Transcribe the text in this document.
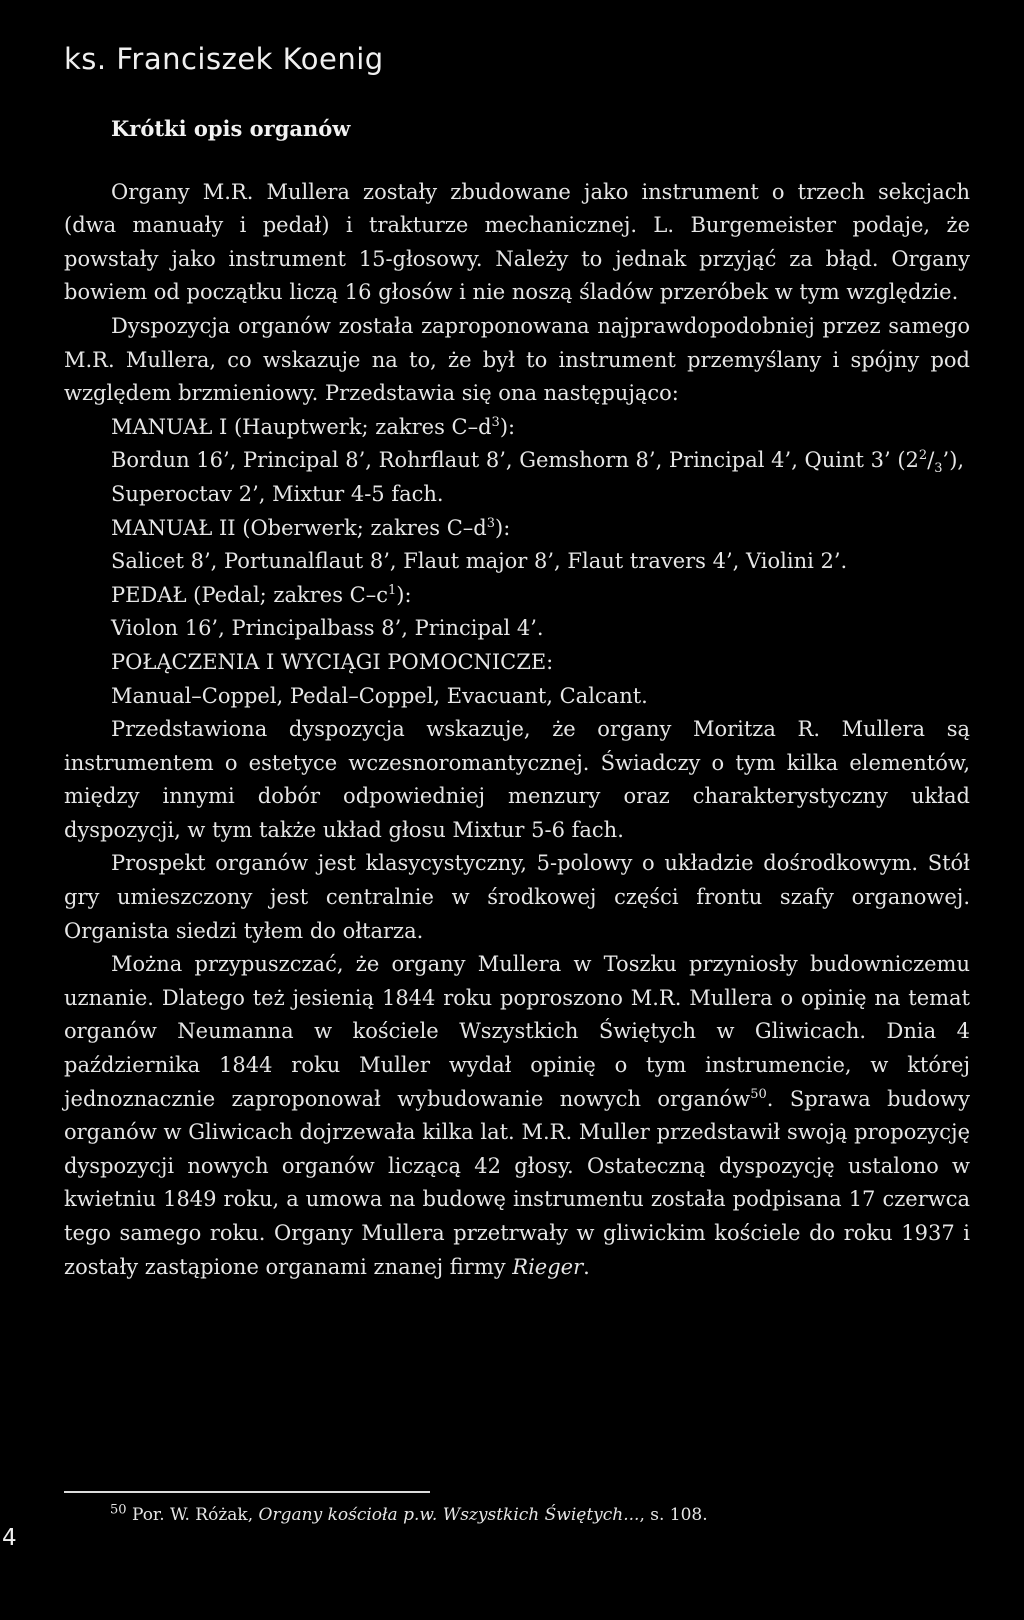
ks. Franciszek Koenig
Krótki opis organów

Organy M.R. Mullera zostały zbudowane jako instrument o trzech sekcjach (dwa manuały i pedał) i trakturze mechanicznej. L. Burgemeister podaje, że powstały jako instrument 15-głosowy. Należy to jednak przyjąć za błąd. Organy bowiem od początku liczą 16 głosów i nie noszą śladów przeróbek w tym względzie.

Dyspozycja organów została zaproponowana najprawdopodobniej przez samego M.R. Mullera, co wskazuje na to, że był to instrument przemyślany i spójny pod względem brzmieniowy. Przedstawia się ona następująco:

MANUAŁ I (Hauptwerk; zakres $C-d^3$):
Bordun 16’, Principal 8’, Rohrflaut 8’, Gemshorn 8’, Principal 4’, Quint 3’ $(2^2/_3’)$, Superoctav 2’, Mixtur 4-5 fach.
MANUAŁ II (Oberwerk; zakres $C-d^3$):
Salicet 8’, Portunalflaut 8’, Flaut major 8’, Flaut travers 4’, Violini 2’.
PEDAŁ (Pedal; zakres $C-c^1$):
Violon 16’, Principalbass 8’, Principal 4’.
POŁĄCZENIA I WYCIĄGI POMOCNICZE:
Manual–Coppel, Pedal–Coppel, Evacuant, Calcant.

Przedstawiona dyspozycja wskazuje, że organy Moritza R. Mullera są instrumentem o estetyce wczesnoromantycznej. Świadczy o tym kilka elementów, między innymi dobór odpowiedniej menzury oraz charakterystyczny układ dyspozycji, w tym także układ głosu Mixtur 5-6 fach.

Prospekt organów jest klasycystyczny, 5-polowy o układzie dośrodkowym. Stół gry umieszczony jest centralnie w środkowej części frontu szafy organowej. Organista siedzi tyłem do ołtarza.

Można przypuszczać, że organy Mullera w Toszku przyniosły budowniczemu uznanie. Dlatego też jesienią 1844 roku poproszono M.R. Mullera o opinię na temat organów Neumanna w kościele Wszystkich Świętych w Gliwicach. Dnia 4 października 1844 roku Muller wydał opinię o tym instrumencie, w której jednoznacznie zaproponował wybudowanie nowych organów$^{50}$. Sprawa budowy organów w Gliwicach dojrzewała kilka lat. M.R. Muller przedstawił swoją propozycję dyspozycji nowych organów liczącą 42 głosy. Ostateczną dyspozycję ustalono w kwietniu 1849 roku, a umowa na budowę instrumentu została podpisana 17 czerwca tego samego roku. Organy Mullera przetrwały w gliwickim kościele do roku 1937 i zostały zastąpione organami znanej firmy Rieger.

$^{50}$ Por. W. Różak, Organy kościoła p.w. Wszystkich Świętych..., s. 108.
4
